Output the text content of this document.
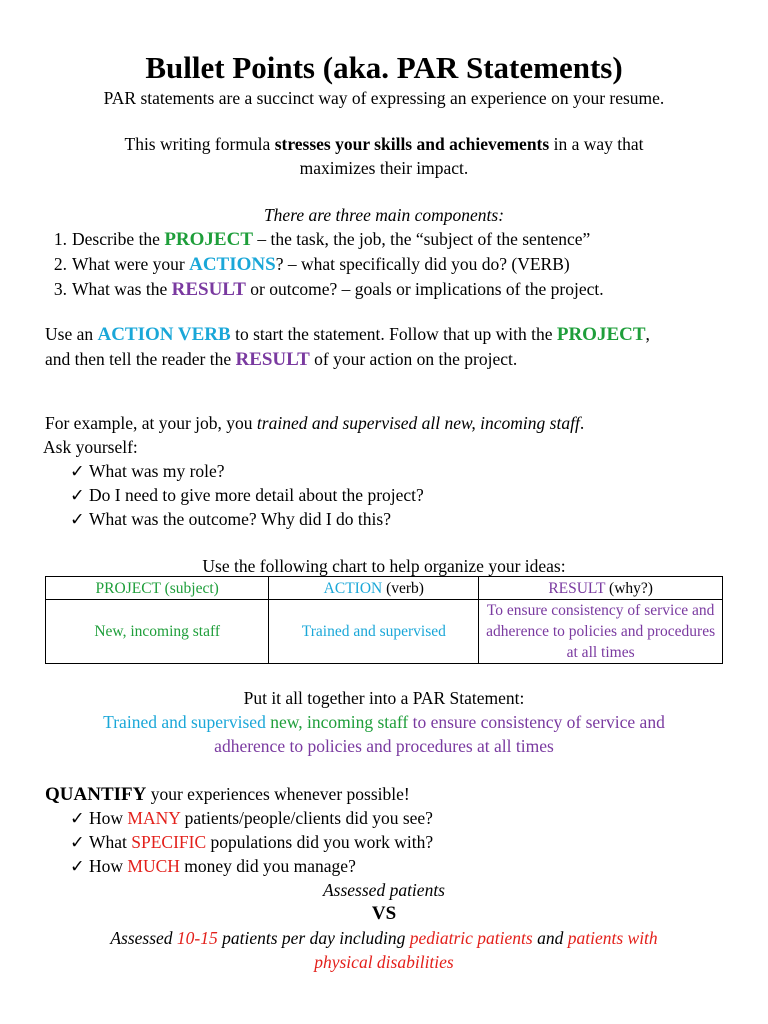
Bullet Points (aka. PAR Statements)
PAR statements are a succinct way of expressing an experience on your resume.
This writing formula stresses your skills and achievements in a way that
maximizes their impact.
There are three main components:
1. Describe the PROJECT – the task, the job, the “subject of the sentence”
2. What were your ACTIONS? – what specifically did you do? (VERB)
3. What was the RESULT or outcome? – goals or implications of the project.
Use an ACTION VERB to start the statement. Follow that up with the PROJECT,
and then tell the reader the RESULT of your action on the project.
For example, at your job, you trained and supervised all new, incoming staff.
Ask yourself:
✓ What was my role?
✓ Do I need to give more detail about the project?
✓ What was the outcome? Why did I do this?
Use the following chart to help organize your ideas:
PROJECT (subject)	ACTION (verb)	RESULT (why?)
New, incoming staff	Trained and supervised	To ensure consistency of service and adherence to policies and procedures at all times
Put it all together into a PAR Statement:
Trained and supervised new, incoming staff to ensure consistency of service and
adherence to policies and procedures at all times
QUANTIFY your experiences whenever possible!
✓ How MANY patients/people/clients did you see?
✓ What SPECIFIC populations did you work with?
✓ How MUCH money did you manage?
Assessed patients
VS
Assessed 10-15 patients per day including pediatric patients and patients with
physical disabilities
